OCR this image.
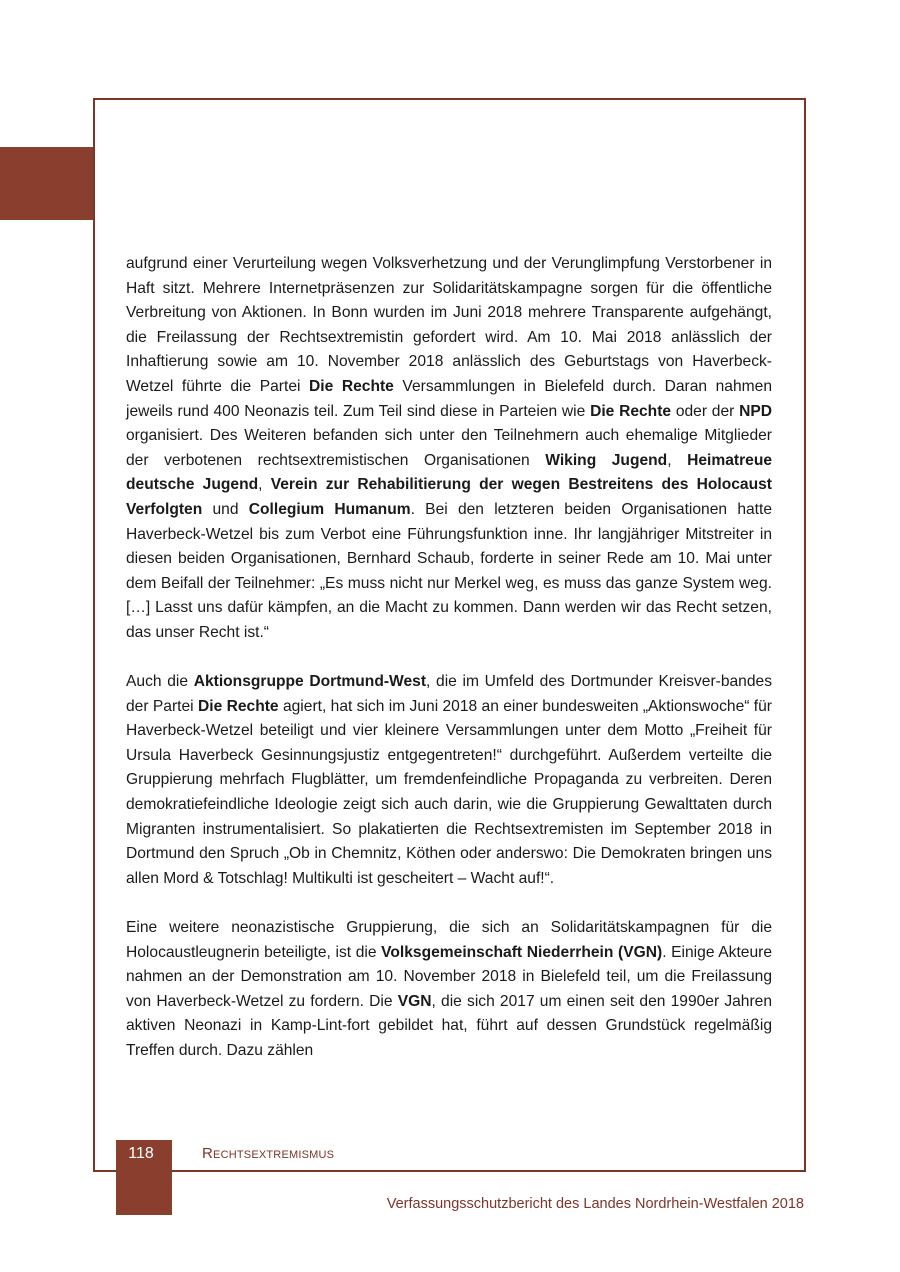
aufgrund einer Verurteilung wegen Volksverhetzung und der Verunglimpfung Verstorbener in Haft sitzt. Mehrere Internetpräsenzen zur Solidaritätskampagne sorgen für die öffentliche Verbreitung von Aktionen. In Bonn wurden im Juni 2018 mehrere Transparente aufgehängt, die Freilassung der Rechtsextremistin gefordert wird. Am 10. Mai 2018 anlässlich der Inhaftierung sowie am 10. November 2018 anlässlich des Geburtstags von Haverbeck-Wetzel führte die Partei Die Rechte Versammlungen in Bielefeld durch. Daran nahmen jeweils rund 400 Neonazis teil. Zum Teil sind diese in Parteien wie Die Rechte oder der NPD organisiert. Des Weiteren befanden sich unter den Teilnehmern auch ehemalige Mitglieder der verbotenen rechtsextremistischen Organisationen Wiking Jugend, Heimatreue deutsche Jugend, Verein zur Rehabilitierung der wegen Bestreitens des Holocaust Verfolgten und Collegium Humanum. Bei den letzteren beiden Organisationen hatte Haverbeck-Wetzel bis zum Verbot eine Führungsfunktion inne. Ihr langjähriger Mitstreiter in diesen beiden Organisationen, Bernhard Schaub, forderte in seiner Rede am 10. Mai unter dem Beifall der Teilnehmer: „Es muss nicht nur Merkel weg, es muss das ganze System weg. […] Lasst uns dafür kämpfen, an die Macht zu kommen. Dann werden wir das Recht setzen, das unser Recht ist.“

Auch die Aktionsgruppe Dortmund-West, die im Umfeld des Dortmunder Kreisver-bandes der Partei Die Rechte agiert, hat sich im Juni 2018 an einer bundesweiten „Aktionswoche“ für Haverbeck-Wetzel beteiligt und vier kleinere Versammlungen unter dem Motto „Freiheit für Ursula Haverbeck Gesinnungsjustiz entgegentreten!“ durchgeführt. Außerdem verteilte die Gruppierung mehrfach Flugblätter, um fremdenfeindliche Propaganda zu verbreiten. Deren demokratiefeindliche Ideologie zeigt sich auch darin, wie die Gruppierung Gewalttaten durch Migranten instrumentalisiert. So plakatierten die Rechtsextremisten im September 2018 in Dortmund den Spruch „Ob in Chemnitz, Köthen oder anderswo: Die Demokraten bringen uns allen Mord & Totschlag! Multikulti ist gescheitert – Wacht auf!“.

Eine weitere neonazistische Gruppierung, die sich an Solidaritätskampagnen für die Holocaustleugnerin beteiligte, ist die Volksgemeinschaft Niederrhein (VGN). Einige Akteure nahmen an der Demonstration am 10. November 2018 in Bielefeld teil, um die Freilassung von Haverbeck-Wetzel zu fordern. Die VGN, die sich 2017 um einen seit den 1990er Jahren aktiven Neonazi in Kamp-Lint-fort gebildet hat, führt auf dessen Grundstück regelmäßig Treffen durch. Dazu zählen

118	Rechtsextremismus
Verfassungsschutzbericht des Landes Nordrhein-Westfalen 2018
